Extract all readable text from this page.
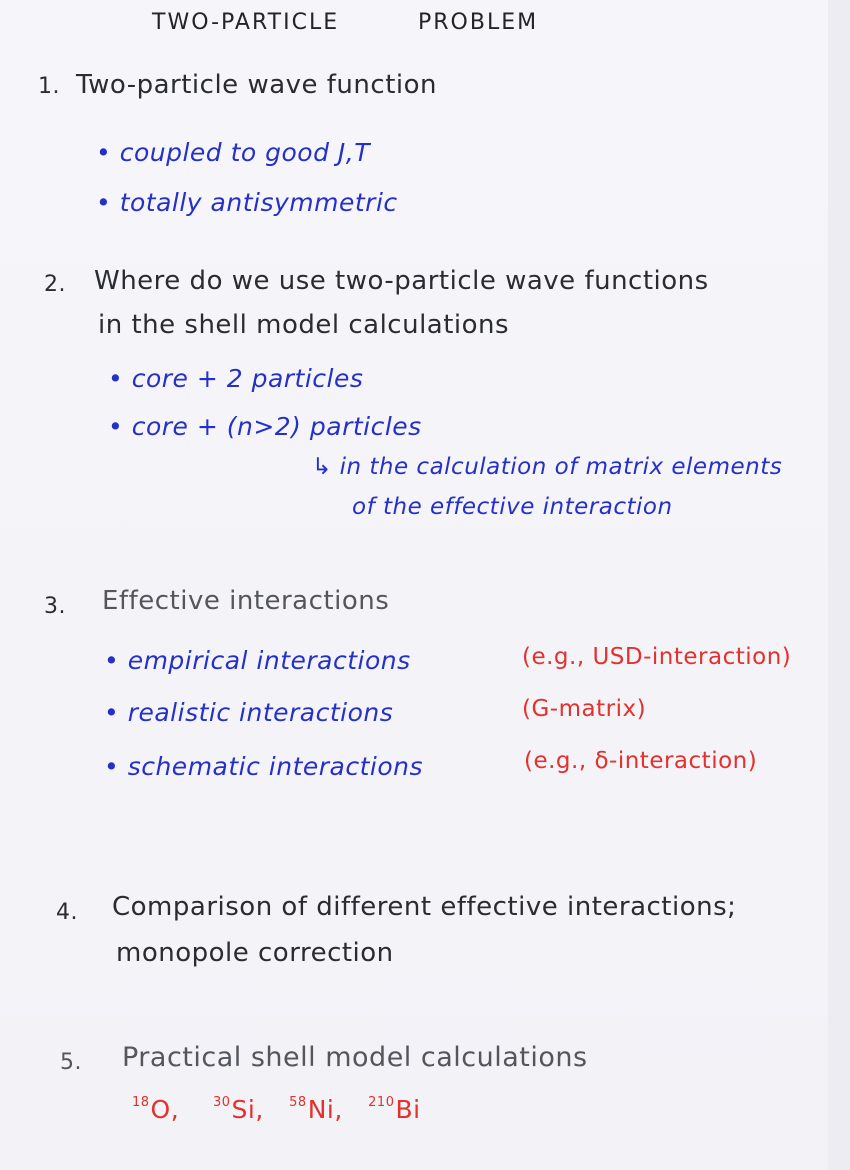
TWO-PARTICLE	PROBLEM
1. Two-particle wave function
• coupled to good J,T
• totally antisymmetric
2. Where do we use two-particle wave functions
in the shell model calculations
• core + 2 particles
• core + (n>2) particles
↳ in the calculation of matrix elements
of the effective interaction
3. Effective interactions
• empirical interactions	(e.g., USD-interaction)
• realistic interactions	(G-matrix)
• schematic interactions	(e.g., δ-interaction)
4. Comparison of different effective interactions;
monopole correction
5. Practical shell model calculations
$^{18}$O,	$^{30}$Si, $^{58}$Ni, $^{210}$Bi
